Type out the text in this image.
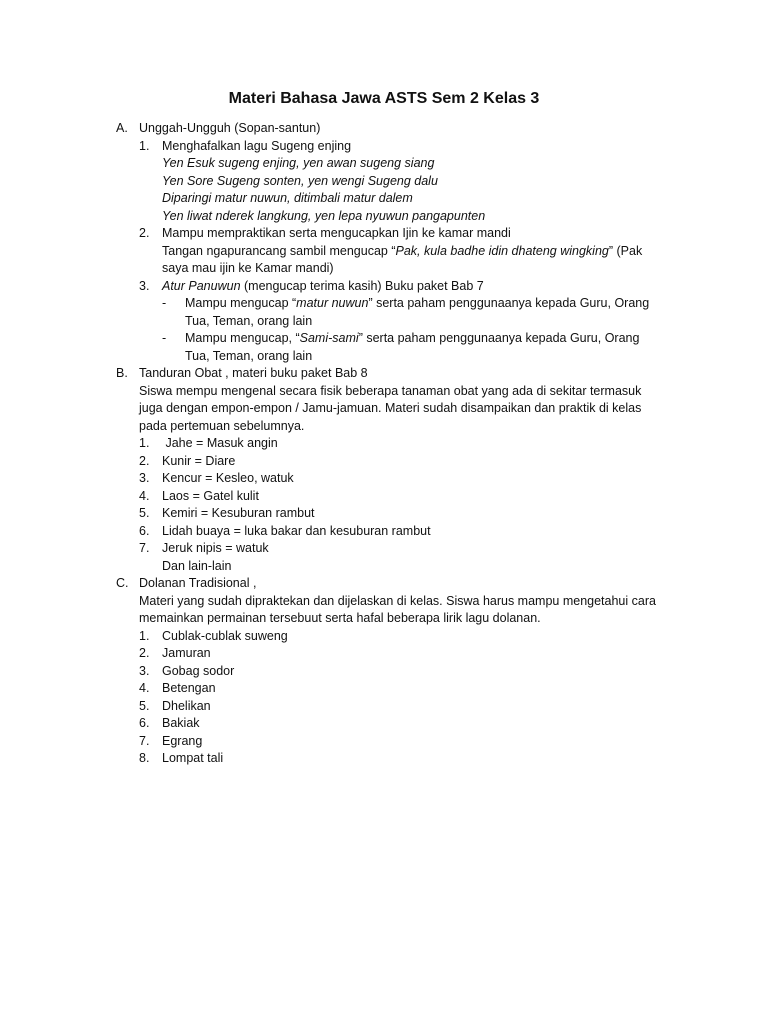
Materi Bahasa Jawa ASTS Sem 2 Kelas 3
A. Unggah-Ungguh (Sopan-santun)
1.	Menghafalkan lagu Sugeng enjing
Yen Esuk sugeng enjing, yen awan sugeng siang
Yen Sore Sugeng sonten, yen wengi Sugeng dalu
Diparingi matur nuwun, ditimbali matur dalem
Yen liwat nderek langkung, yen lepa nyuwun pangapunten
2.	Mampu mempraktikan serta mengucapkan Ijin ke kamar mandi
Tangan ngapurancang sambil mengucap “Pak, kula badhe idin dhateng wingking” (Pak
saya mau ijin ke Kamar mandi)
3.	Atur Panuwun (mengucap terima kasih) Buku paket Bab 7
-	Mampu mengucap “matur nuwun” serta paham penggunaanya kepada Guru, Orang
Tua, Teman, orang lain
-	Mampu mengucap, “Sami-sami” serta paham penggunaanya kepada Guru, Orang
Tua, Teman, orang lain
B. Tanduran Obat , materi buku paket Bab 8
Siswa mempu mengenal secara fisik beberapa tanaman obat yang ada di sekitar termasuk
juga dengan empon-empon / Jamu-jamuan. Materi sudah disampaikan dan praktik di kelas
pada pertemuan sebelumnya.
1.	Jahe = Masuk angin
2.	Kunir = Diare
3.	Kencur = Kesleo, watuk
4.	Laos = Gatel kulit
5.	Kemiri = Kesuburan rambut
6.	Lidah buaya = luka bakar dan kesuburan rambut
7.	Jeruk nipis = watuk
Dan lain-lain
C. Dolanan Tradisional ,
Materi yang sudah dipraktekan dan dijelaskan di kelas. Siswa harus mampu mengetahui cara
memainkan permainan tersebuut serta hafal beberapa lirik lagu dolanan.
1.	Cublak-cublak suweng
2.	Jamuran
3.	Gobag sodor
4.	Betengan
5.	Dhelikan
6.	Bakiak
7.	Egrang
8.	Lompat tali
